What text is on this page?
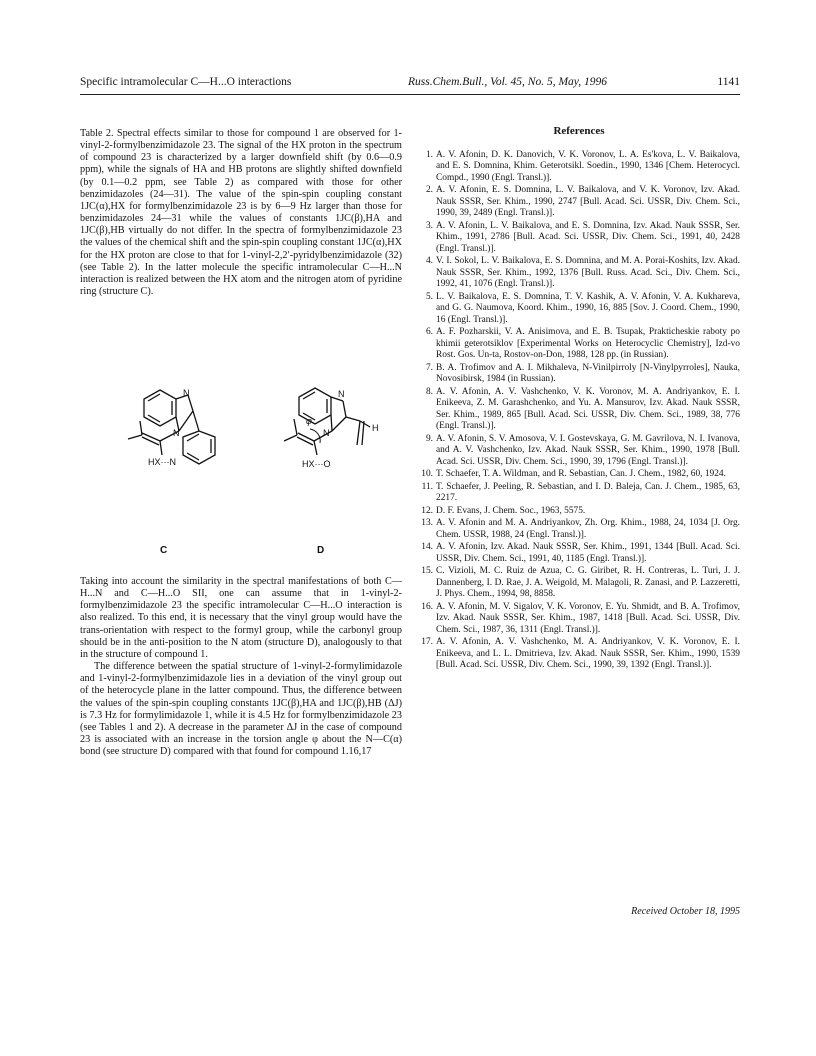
Specific intramolecular C—H...O interactions	Russ.Chem.Bull., Vol. 45, No. 5, May, 1996	1141

Table 2. Spectral effects similar to those for compound 1 are observed for 1-vinyl-2-formylbenzimidazole 23. The signal of the HX proton in the spectrum of compound 23 is characterized by a larger downfield shift (by 0.6—0.9 ppm), while the signals of HA and HB protons are slightly shifted downfield (by 0.1—0.2 ppm, see Table 2) as compared with those for other benzimidazoles (24—31). The value of the spin-spin coupling constant 1JC(α),HX for formylbenzimidazole 23 is by 6—9 Hz larger than those for benzimidazoles 24—31 while the values of constants 1JC(β),HA and 1JC(β),HB virtually do not differ. In the spectra of formylbenzimidazole 23 the values of the chemical shift and the spin-spin coupling constant 1JC(α),HX for the HX proton are close to that for 1-vinyl-2,2′-pyridylbenzimidazole (32) (see Table 2). In the latter molecule the specific intramolecular C—H...N interaction is realized between the HX atom and the nitrogen atom of pyridine ring (structure C).

N
N
HX···N
C
N
N	H
φ
HX···O
D

Taking into account the similarity in the spectral manifestations of both C—H...N and C—H...O SII, one can assume that in 1-vinyl-2-formylbenzimidazole 23 the specific intramolecular C—H...O interaction is also realized. To this end, it is necessary that the vinyl group would have the trans-orientation with respect to the formyl group, while the carbonyl group should be in the anti-position to the N atom (structure D), analogously to that in the structure of compound 1.

The difference between the spatial structure of 1-vinyl-2-formylimidazole and 1-vinyl-2-formylbenzimidazole lies in a deviation of the vinyl group out of the heterocycle plane in the latter compound. Thus, the difference between the values of the spin-spin coupling constants 1JC(β),HA and 1JC(β),HB (ΔJ) is 7.3 Hz for formylimidazole 1, while it is 4.5 Hz for formylbenzimidazole 23 (see Tables 1 and 2). A decrease in the parameter ΔJ in the case of compound 23 is associated with an increase in the torsion angle φ about the N—C(α) bond (see structure D) compared with that found for compound 1.16,17

References
1. A. V. Afonin, D. K. Danovich, V. K. Voronov, L. A. Es'kova, L. V. Baikalova, and E. S. Domnina, Khim. Geterotsikl. Soedin., 1990, 1346 [Chem. Heterocycl. Compd., 1990 (Engl. Transl.)].
2. A. V. Afonin, E. S. Domnina, L. V. Baikalova, and V. K. Voronov, Izv. Akad. Nauk SSSR, Ser. Khim., 1990, 2747 [Bull. Acad. Sci. USSR, Div. Chem. Sci., 1990, 39, 2489 (Engl. Transl.)].
3. A. V. Afonin, L. V. Baikalova, and E. S. Domnina, Izv. Akad. Nauk SSSR, Ser. Khim., 1991, 2786 [Bull. Acad. Sci. USSR, Div. Chem. Sci., 1991, 40, 2428 (Engl. Transl.)].
4. V. I. Sokol, L. V. Baikalova, E. S. Domnina, and M. A. Porai-Koshits, Izv. Akad. Nauk SSSR, Ser. Khim., 1992, 1376 [Bull. Russ. Acad. Sci., Div. Chem. Sci., 1992, 41, 1076 (Engl. Transl.)].
5. L. V. Baikalova, E. S. Domnina, T. V. Kashik, A. V. Afonin, V. A. Kukhareva, and G. G. Naumova, Koord. Khim., 1990, 16, 885 [Sov. J. Coord. Chem., 1990, 16 (Engl. Transl.)].
6. A. F. Pozharskii, V. A. Anisimova, and E. B. Tsupak, Prakticheskie raboty po khimii geterotsiklov [Experimental Works on Heterocyclic Chemistry], Izd-vo Rost. Gos. Un-ta, Rostov-on-Don, 1988, 128 pp. (in Russian).
7. B. A. Trofimov and A. I. Mikhaleva, N-Vinilpirroly [N-Vinylpyrroles], Nauka, Novosibirsk, 1984 (in Russian).
8. A. V. Afonin, A. V. Vashchenko, V. K. Voronov, M. A. Andriyankov, E. I. Enikeeva, Z. M. Garashchenko, and Yu. A. Mansurov, Izv. Akad. Nauk SSSR, Ser. Khim., 1989, 865 [Bull. Acad. Sci. USSR, Div. Chem. Sci., 1989, 38, 776 (Engl. Transl.)].
9. A. V. Afonin, S. V. Amosova, V. I. Gostevskaya, G. M. Gavrilova, N. I. Ivanova, and A. V. Vashchenko, Izv. Akad. Nauk SSSR, Ser. Khim., 1990, 1978 [Bull. Acad. Sci. USSR, Div. Chem. Sci., 1990, 39, 1796 (Engl. Transl.)].
10. T. Schaefer, T. A. Wildman, and R. Sebastian, Can. J. Chem., 1982, 60, 1924.
11. T. Schaefer, J. Peeling, R. Sebastian, and I. D. Baleja, Can. J. Chem., 1985, 63, 2217.
12. D. F. Evans, J. Chem. Soc., 1963, 5575.
13. A. V. Afonin and M. A. Andriyankov, Zh. Org. Khim., 1988, 24, 1034 [J. Org. Chem. USSR, 1988, 24 (Engl. Transl.)].
14. A. V. Afonin, Izv. Akad. Nauk SSSR, Ser. Khim., 1991, 1344 [Bull. Acad. Sci. USSR, Div. Chem. Sci., 1991, 40, 1185 (Engl. Transl.)].
15. C. Vizioli, M. C. Ruiz de Azua, C. G. Giribet, R. H. Contreras, L. Turi, J. J. Dannenberg, I. D. Rae, J. A. Weigold, M. Malagoli, R. Zanasi, and P. Lazzeretti, J. Phys. Chem., 1994, 98, 8858.
16. A. V. Afonin, M. V. Sigalov, V. K. Voronov, E. Yu. Shmidt, and B. A. Trofimov, Izv. Akad. Nauk SSSR, Ser. Khim., 1987, 1418 [Bull. Acad. Sci. USSR, Div. Chem. Sci., 1987, 36, 1311 (Engl. Transl.)].
17. A. V. Afonin, A. V. Vashchenko, M. A. Andriyankov, V. K. Voronov, E. I. Enikeeva, and L. L. Dmitrieva, Izv. Akad. Nauk SSSR, Ser. Khim., 1990, 1539 [Bull. Acad. Sci. USSR, Div. Chem. Sci., 1990, 39, 1392 (Engl. Transl.)].
Received October 18, 1995
